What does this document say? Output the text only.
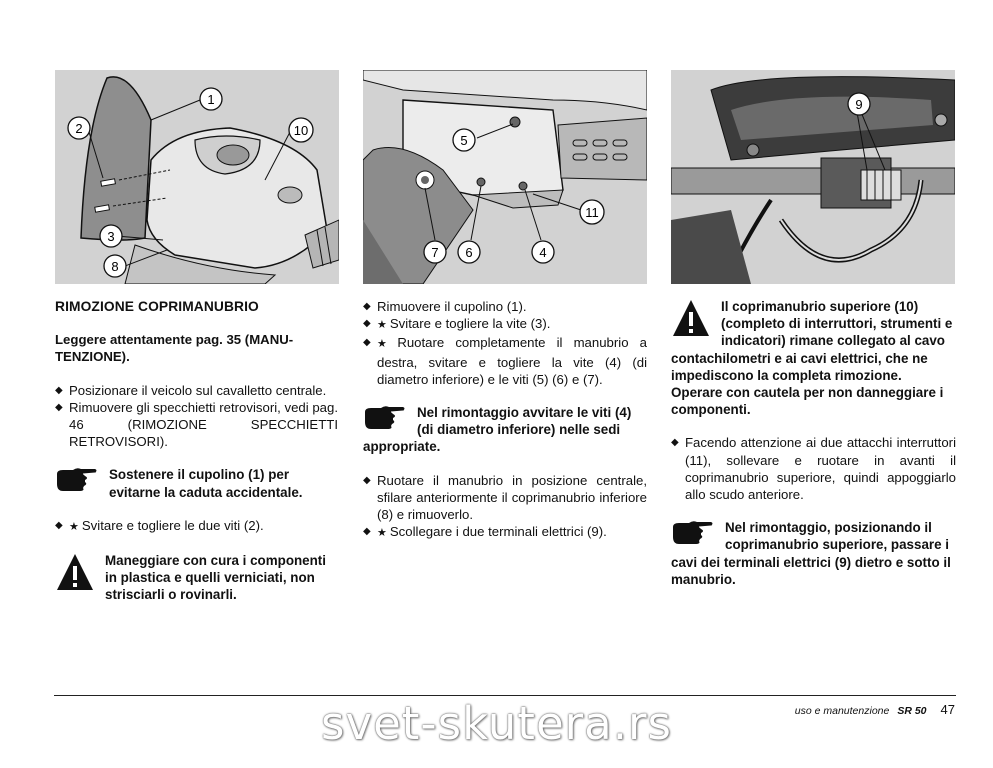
1
2	10
3
8
5
7 6	4
11
9

RIMOZIONE COPRIMANUBRIO

Leggere attentamente pag. 35 (MANU-TENZIONE).

◆ Posizionare il veicolo sul cavalletto centrale.

◆ Rimuovere gli specchietti retrovisori, vedi pag. 46 (RIMOZIONE SPECCHIETTI RETROVISORI).

Sostenere il cupolino (1) per evitarne la caduta accidentale.

◆ ★ Svitare e togliere le due viti (2).

Maneggiare con cura i componenti in plastica e quelli verniciati, non strisciarli o rovinarli.

◆ Rimuovere il cupolino (1).

◆ ★ Svitare e togliere la vite (3).

◆ ★ Ruotare completamente il manubrio a destra, svitare e togliere la vite (4) (di diametro inferiore) e le viti (5) (6) e (7).

Nel rimontaggio avvitare le viti (4) (di diametro inferiore) nelle sedi appropriate.

◆ Ruotare il manubrio in posizione centrale, sfilare anteriormente il coprimanubrio inferiore (8) e rimuoverlo.

◆ ★ Scollegare i due terminali elettrici (9).

Il coprimanubrio superiore (10) (completo di interruttori, strumenti e indicatori) rimane collegato al cavo contachilometri e ai cavi elettrici, che ne impediscono la completa rimozione.
Operare con cautela per non danneggiare i componenti.

◆ Facendo attenzione ai due attacchi interruttori (11), sollevare e ruotare in avanti il coprimanubrio superiore, quindi appoggiarlo allo scudo anteriore.

Nel rimontaggio, posizionando il coprimanubrio superiore, passare i cavi dei terminali elettrici (9) dietro e sotto il manubrio.
uso e manutenzione SR 50 47
svet-skutera.rs
